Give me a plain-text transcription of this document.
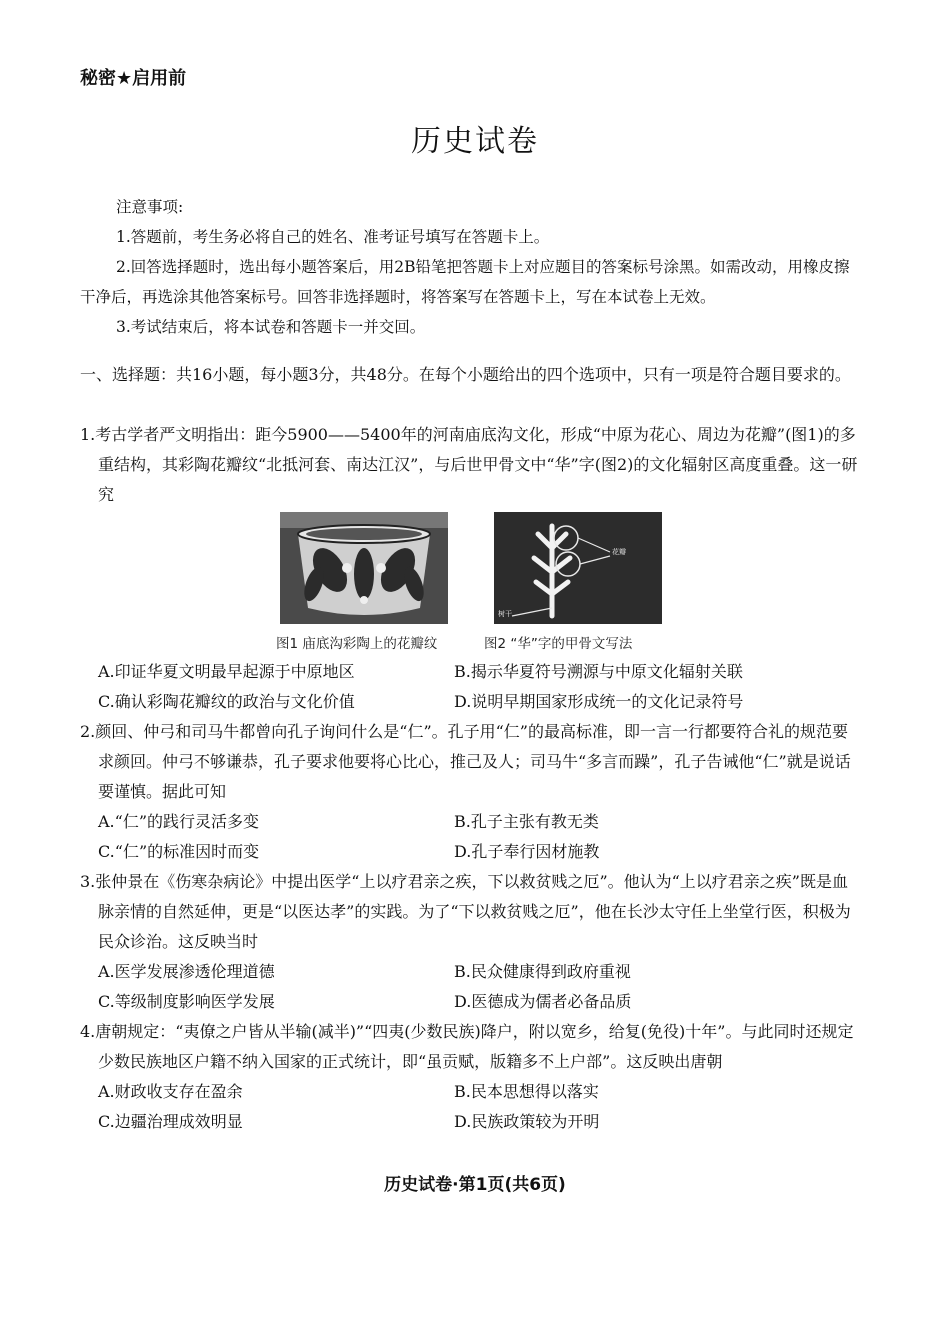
秘密★启用前
历史试卷
注意事项:
1.答题前，考生务必将自己的姓名、准考证号填写在答题卡上。
2.回答选择题时，选出每小题答案后，用2B铅笔把答题卡上对应题目的答案标号涂黑。如需改动，用橡皮擦干净后，再选涂其他答案标号。回答非选择题时，将答案写在答题卡上，写在本试卷上无效。
3.考试结束后，将本试卷和答题卡一并交回。
一、选择题：共16小题，每小题3分，共48分。在每个小题给出的四个选项中，只有一项是符合题目要求的。
1.考古学者严文明指出：距今5900——5400年的河南庙底沟文化，形成“中原为花心、周边为花瓣”(图1)的多重结构，其彩陶花瓣纹“北抵河套、南达江汉”，与后世甲骨文中“华”字(图2)的文化辐射区高度重叠。这一研究
花瓣
树干
图1 庙底沟彩陶上的花瓣纹	图2 “华”字的甲骨文写法
A.印证华夏文明最早起源于中原地区	B.揭示华夏符号溯源与中原文化辐射关联
C.确认彩陶花瓣纹的政治与文化价值	D.说明早期国家形成统一的文化记录符号
2.颜回、仲弓和司马牛都曾向孔子询问什么是“仁”。孔子用“仁”的最高标准，即一言一行都要符合礼的规范要求颜回。仲弓不够谦恭，孔子要求他要将心比心，推己及人；司马牛“多言而躁”，孔子告诫他“仁”就是说话要谨慎。据此可知
A.“仁”的践行灵活多变	B.孔子主张有教无类
C.“仁”的标准因时而变	D.孔子奉行因材施教
3.张仲景在《伤寒杂病论》中提出医学“上以疗君亲之疾，下以救贫贱之厄”。他认为“上以疗君亲之疾”既是血脉亲情的自然延伸，更是“以医达孝”的实践。为了“下以救贫贱之厄”，他在长沙太守任上坐堂行医，积极为民众诊治。这反映当时
A.医学发展渗透伦理道德	B.民众健康得到政府重视
C.等级制度影响医学发展	D.医德成为儒者必备品质
4.唐朝规定：“夷僚之户皆从半输(减半)”“四夷(少数民族)降户，附以宽乡，给复(免役)十年”。与此同时还规定少数民族地区户籍不纳入国家的正式统计，即“虽贡赋，版籍多不上户部”。这反映出唐朝
A.财政收支存在盈余	B.民本思想得以落实
C.边疆治理成效明显	D.民族政策较为开明
历史试卷·第1页(共6页)
